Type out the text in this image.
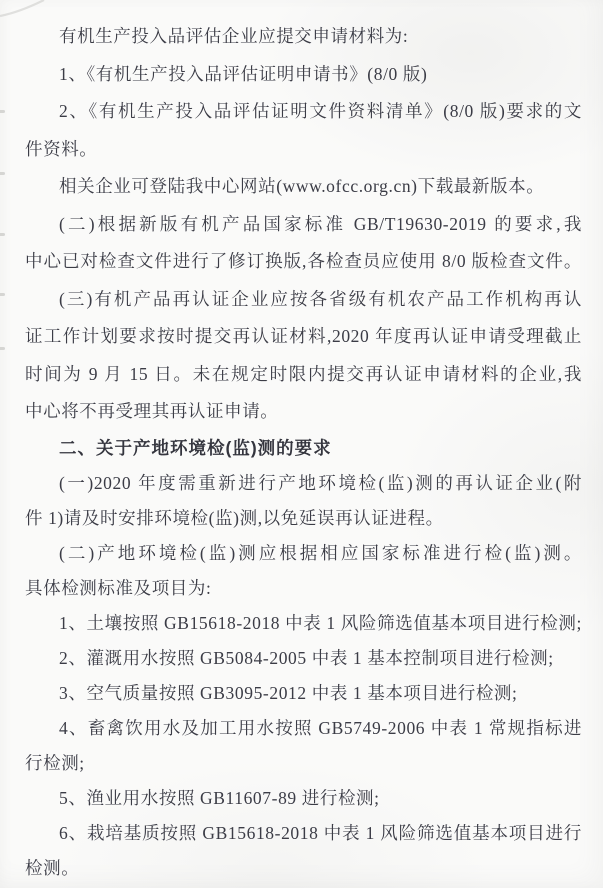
有机生产投入品评估企业应提交申请材料为:
1、《有机生产投入品评估证明申请书》(8/0 版)
2、《有机生产投入品评估证明文件资料清单》(8/0 版)要求的文
件资料。
相关企业可登陆我中心网站(www.ofcc.org.cn)下载最新版本。
(二)根据新版有机产品国家标准 GB/T19630-2019 的要求,我
中心已对检查文件进行了修订换版,各检查员应使用 8/0 版检查文件。
(三)有机产品再认证企业应按各省级有机农产品工作机构再认
证工作计划要求按时提交再认证材料,2020 年度再认证申请受理截止
时间为 9 月 15 日。未在规定时限内提交再认证申请材料的企业,我
中心将不再受理其再认证申请。
二、关于产地环境检(监)测的要求
(一)2020 年度需重新进行产地环境检(监)测的再认证企业(附
件 1)请及时安排环境检(监)测,以免延误再认证进程。
(二)产地环境检(监)测应根据相应国家标准进行检(监)测。
具体检测标准及项目为:
1、土壤按照 GB15618-2018 中表 1 风险筛选值基本项目进行检测;
2、灌溉用水按照 GB5084-2005 中表 1 基本控制项目进行检测;
3、空气质量按照 GB3095-2012 中表 1 基本项目进行检测;
4、畜禽饮用水及加工用水按照 GB5749-2006 中表 1 常规指标进
行检测;
5、渔业用水按照 GB11607-89 进行检测;
6、栽培基质按照 GB15618-2018 中表 1 风险筛选值基本项目进行
检测。
